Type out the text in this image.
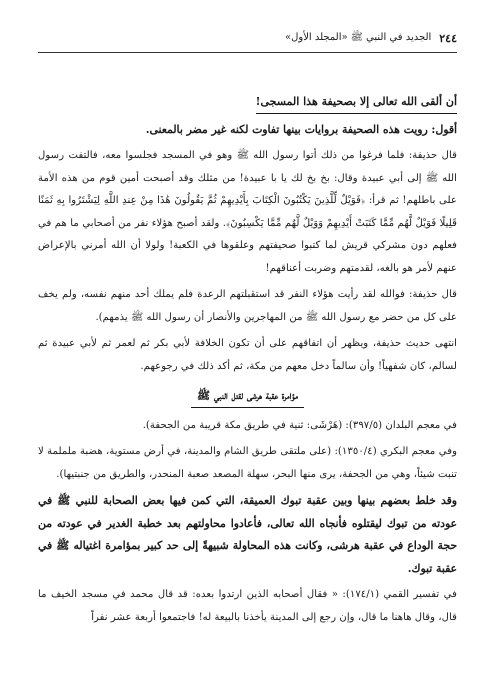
٢٤٤
الجديد في النبي ﷺ «المجلد الأول»

أن ألقى الله تعالى إلا بصحيفة هذا المسجى!

أقول: رويت هذه الصحيفة بروايات بينها تفاوت لكنه غير مضر بالمعنى.

قال حذيفة: فلما فرغوا من ذلك أتوا رسول الله ﷺ وهو في المسجد فجلسوا معه، فالتفت رسول الله ﷺ إلى أبي عبيدة وقال: بخ بخ لك يا با عبيدة! من مثلك وقد أصبحت أمين قوم من هذه الأمة على باطلهم! ثم قرأ: ﴿فَوَيْلٌ لِّلَّذِينَ يَكْتُبُونَ الْكِتَابَ بِأَيْدِيهِمْ ثُمَّ يَقُولُونَ هَٰذَا مِنْ عِندِ اللَّهِ لِيَشْتَرُوا بِهِ ثَمَنًا قَلِيلًا فَوَيْلٌ لَّهُم مِّمَّا كَتَبَتْ أَيْدِيهِمْ وَوَيْلٌ لَّهُم مِّمَّا يَكْسِبُونَ﴾. ولقد أصبح هؤلاء نفر من أصحابي ما هم في فعلهم دون مشركي قريش لما كتبوا صحيفتهم وعلقوها في الكعبة! ولولا أن الله أمرني بالإعراض عنهم لأمر هو بالغه، لقدمتهم وضربت أعناقهم!

قال حذيفة: فوالله لقد رأيت هؤلاء النفر قد استقبلتهم الرعدة فلم يملك أحد منهم نفسه، ولم يخف على كل من حضر مع رسول الله ﷺ من المهاجرين والأنصار أن رسول الله ﷺ يذمهم).

انتهى حديث حذيفة، ويظهر أن اتفاقهم على أن تكون الخلافة لأبي بكر ثم لعمر ثم لأبي عبيدة ثم لسالم، كان شفهياً! وأن سالماً دخل معهم من مكة، ثم أكد ذلك في رجوعهم.

مؤامرة عقبة هرشى لقتل النبي ﷺ

في معجم البلدان (٣٩٧/٥): (هَرْشَى: ثنية في طريق مكة قريبة من الجحفة).

وفي معجم البكري (١٣٥٠/٤): (على ملتقى طريق الشام والمدينة، في أرض مستوية، هضبة ململمة لا تنبت شيئاً، وهي من الجحفة، يرى منها البحر، سهلة المصعد صعبة المنحدر، والطريق من جنبتيها).

وقد خلط بعضهم بينها وبين عقبة تبوك العميقة، التي كمن فيها بعض الصحابة للنبي ﷺ في عودته من تبوك ليقتلوه فأنجاه الله تعالى، فأعادوا محاولتهم بعد خطبة الغدير في عودته من حجة الوداع في عقبة هرشى، وكانت هذه المحاولة شبيهةً إلى حد كبير بمؤامرة اغتياله ﷺ في عقبة تبوك.

في تفسير القمي (١٧٤/١): « فقال أصحابه الذين ارتدوا بعده: قد قال محمد في مسجد الخيف ما قال، وقال هاهنا ما قال، وإن رجع إلى المدينة يأخذنا بالبيعة له! فاجتمعوا أربعة عشر نفراً
